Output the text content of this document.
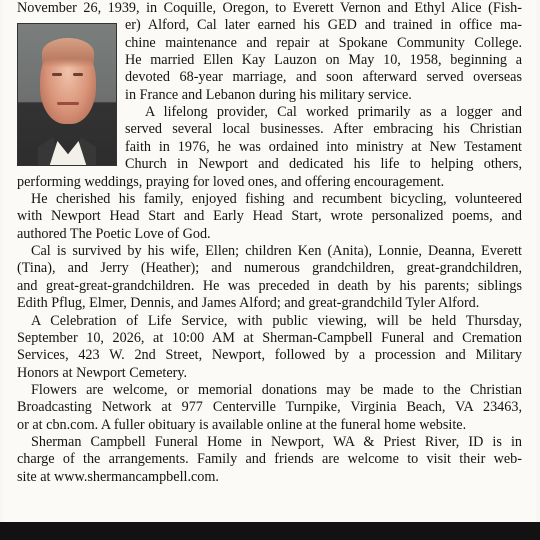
November 26, 1939, in Coquille, Oregon, to Everett Vernon and Ethyl Alice (Fish-
er) Alford, Cal later earned his GED and trained in office ma-
chine maintenance and repair at Spokane Community College.
He married Ellen Kay Lauzon on May 10, 1958, beginning a
devoted 68-year marriage, and soon afterward served overseas
in France and Lebanon during his military service.
A lifelong provider, Cal worked primarily as a logger and
served several local businesses. After embracing his Christian
faith in 1976, he was ordained into ministry at New Testament
Church in Newport and dedicated his life to helping others,
performing weddings, praying for loved ones, and offering encouragement.
He cherished his family, enjoyed fishing and recumbent bicycling, volunteered
with Newport Head Start and Early Head Start, wrote personalized poems, and
authored The Poetic Love of God.
Cal is survived by his wife, Ellen; children Ken (Anita), Lonnie, Deanna, Everett
(Tina), and Jerry (Heather); and numerous grandchildren, great-grandchildren,
and great-great-grandchildren. He was preceded in death by his parents; siblings
Edith Pflug, Elmer, Dennis, and James Alford; and great-grandchild Tyler Alford.
A Celebration of Life Service, with public viewing, will be held Thursday,
September 10, 2026, at 10:00 AM at Sherman-Campbell Funeral and Cremation
Services, 423 W. 2nd Street, Newport, followed by a procession and Military
Honors at Newport Cemetery.
Flowers are welcome, or memorial donations may be made to the Christian
Broadcasting Network at 977 Centerville Turnpike, Virginia Beach, VA 23463,
or at cbn.com. A fuller obituary is available online at the funeral home website.
Sherman Campbell Funeral Home in Newport, WA & Priest River, ID is in
charge of the arrangements. Family and friends are welcome to visit their web-
site at www.shermancampbell.com.
